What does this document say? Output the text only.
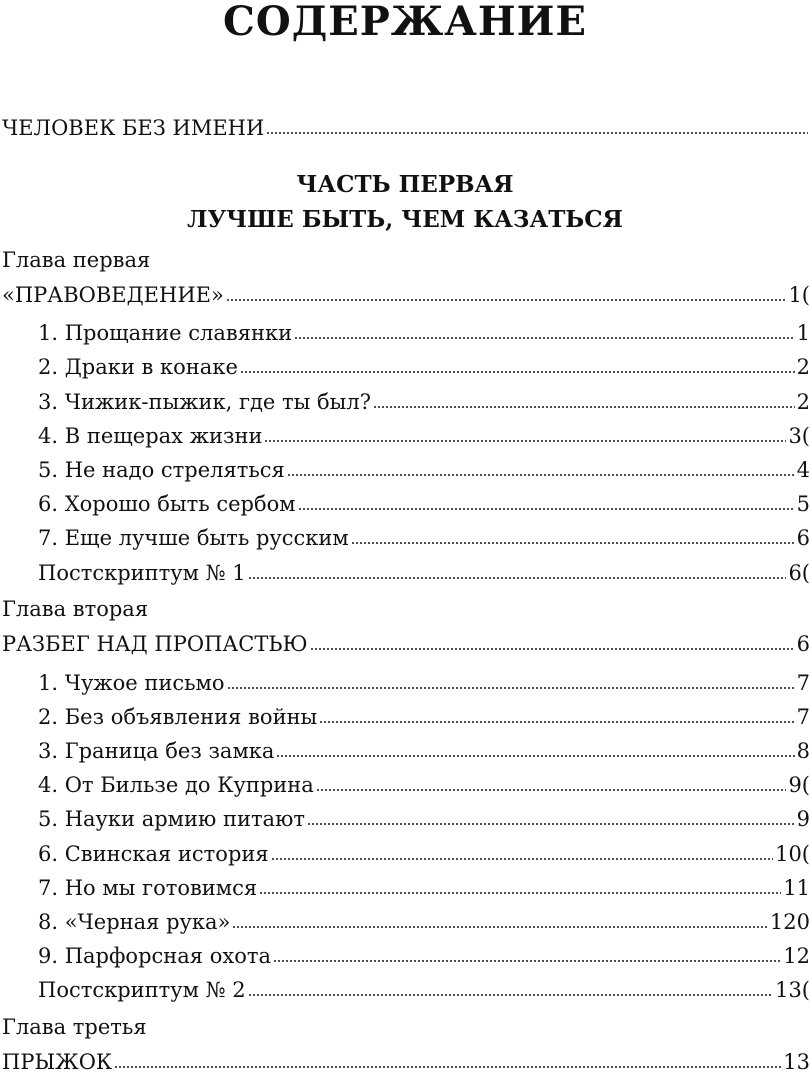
СОДЕРЖАНИЕ
ЧЕЛОВЕК БЕЗ ИМЕНИ
ЧАСТЬ ПЕРВАЯ
ЛУЧШЕ БЫТЬ, ЧЕМ КАЗАТЬСЯ
Глава первая
«ПРАВОВЕДЕНИЕ»	1(
1. Прощание славянки	1
2. Драки в конаке	2
3. Чижик-пыжик, где ты был?	2
4. В пещерах жизни	3(
5. Не надо стреляться	4
6. Хорошо быть сербом	5
7. Еще лучше быть русским	6
Постскриптум № 1	6(
Глава вторая
РАЗБЕГ НАД ПРОПАСТЬЮ	6
1. Чужое письмо	7
2. Без объявления войны	7
3. Граница без замка	8
4. От Бильзе до Куприна	9(
5. Науки армию питают	9
6. Свинская история	10(
7. Но мы готовимся	11
8. «Черная рука»	120
9. Парфорсная охота	12
Постскриптум № 2	13(
Глава третья
ПРЫЖОК	13
